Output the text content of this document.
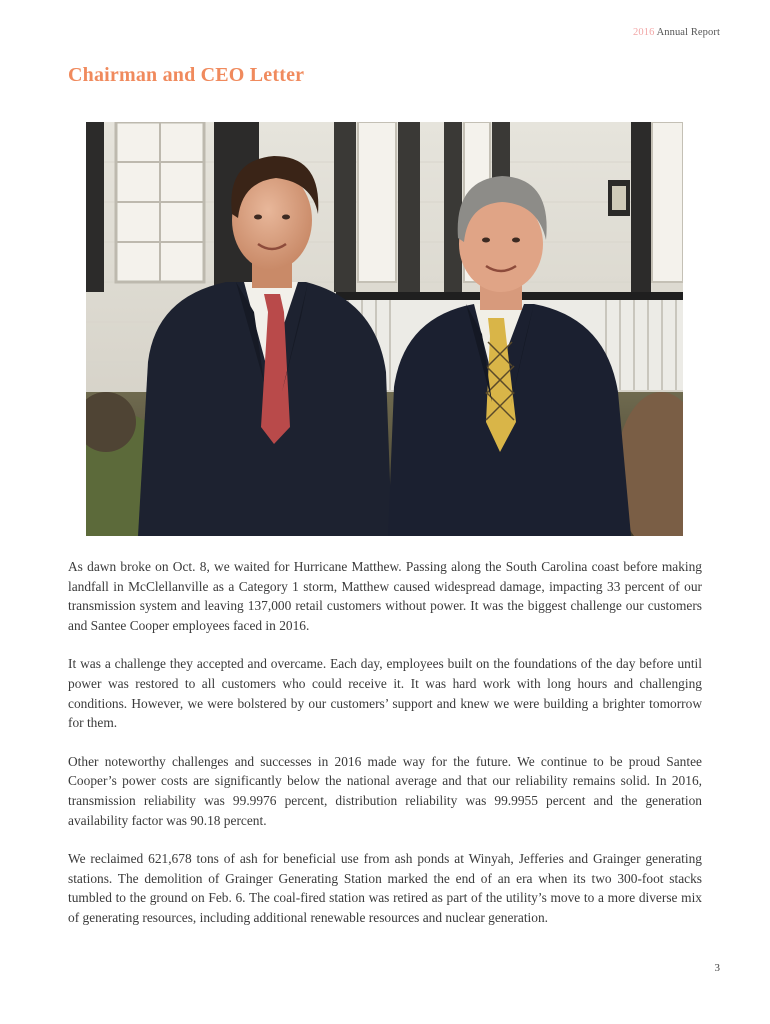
2016 Annual Report
Chairman and CEO Letter

As dawn broke on Oct. 8, we waited for Hurricane Matthew. Passing along the South Carolina coast before making landfall in McClellanville as a Category 1 storm, Matthew caused widespread damage, impacting 33 percent of our transmission system and leaving 137,000 retail customers without power. It was the biggest challenge our customers and Santee Cooper employees faced in 2016.

It was a challenge they accepted and overcame. Each day, employees built on the foundations of the day before until power was restored to all customers who could receive it. It was hard work with long hours and challenging conditions. However, we were bolstered by our customers’ support and knew we were building a brighter tomorrow for them.

Other noteworthy challenges and successes in 2016 made way for the future. We continue to be proud Santee Cooper’s power costs are significantly below the national average and that our reliability remains solid. In 2016, transmission reliability was 99.9976 percent, distribution reliability was 99.9955 percent and the generation availability factor was 90.18 percent.

We reclaimed 621,678 tons of ash for beneficial use from ash ponds at Winyah, Jefferies and Grainger generating stations. The demolition of Grainger Generating Station marked the end of an era when its two 300-foot stacks tumbled to the ground on Feb. 6. The coal-fired station was retired as part of the utility’s move to a more diverse mix of generating resources, including additional renewable resources and nuclear generation.

3
